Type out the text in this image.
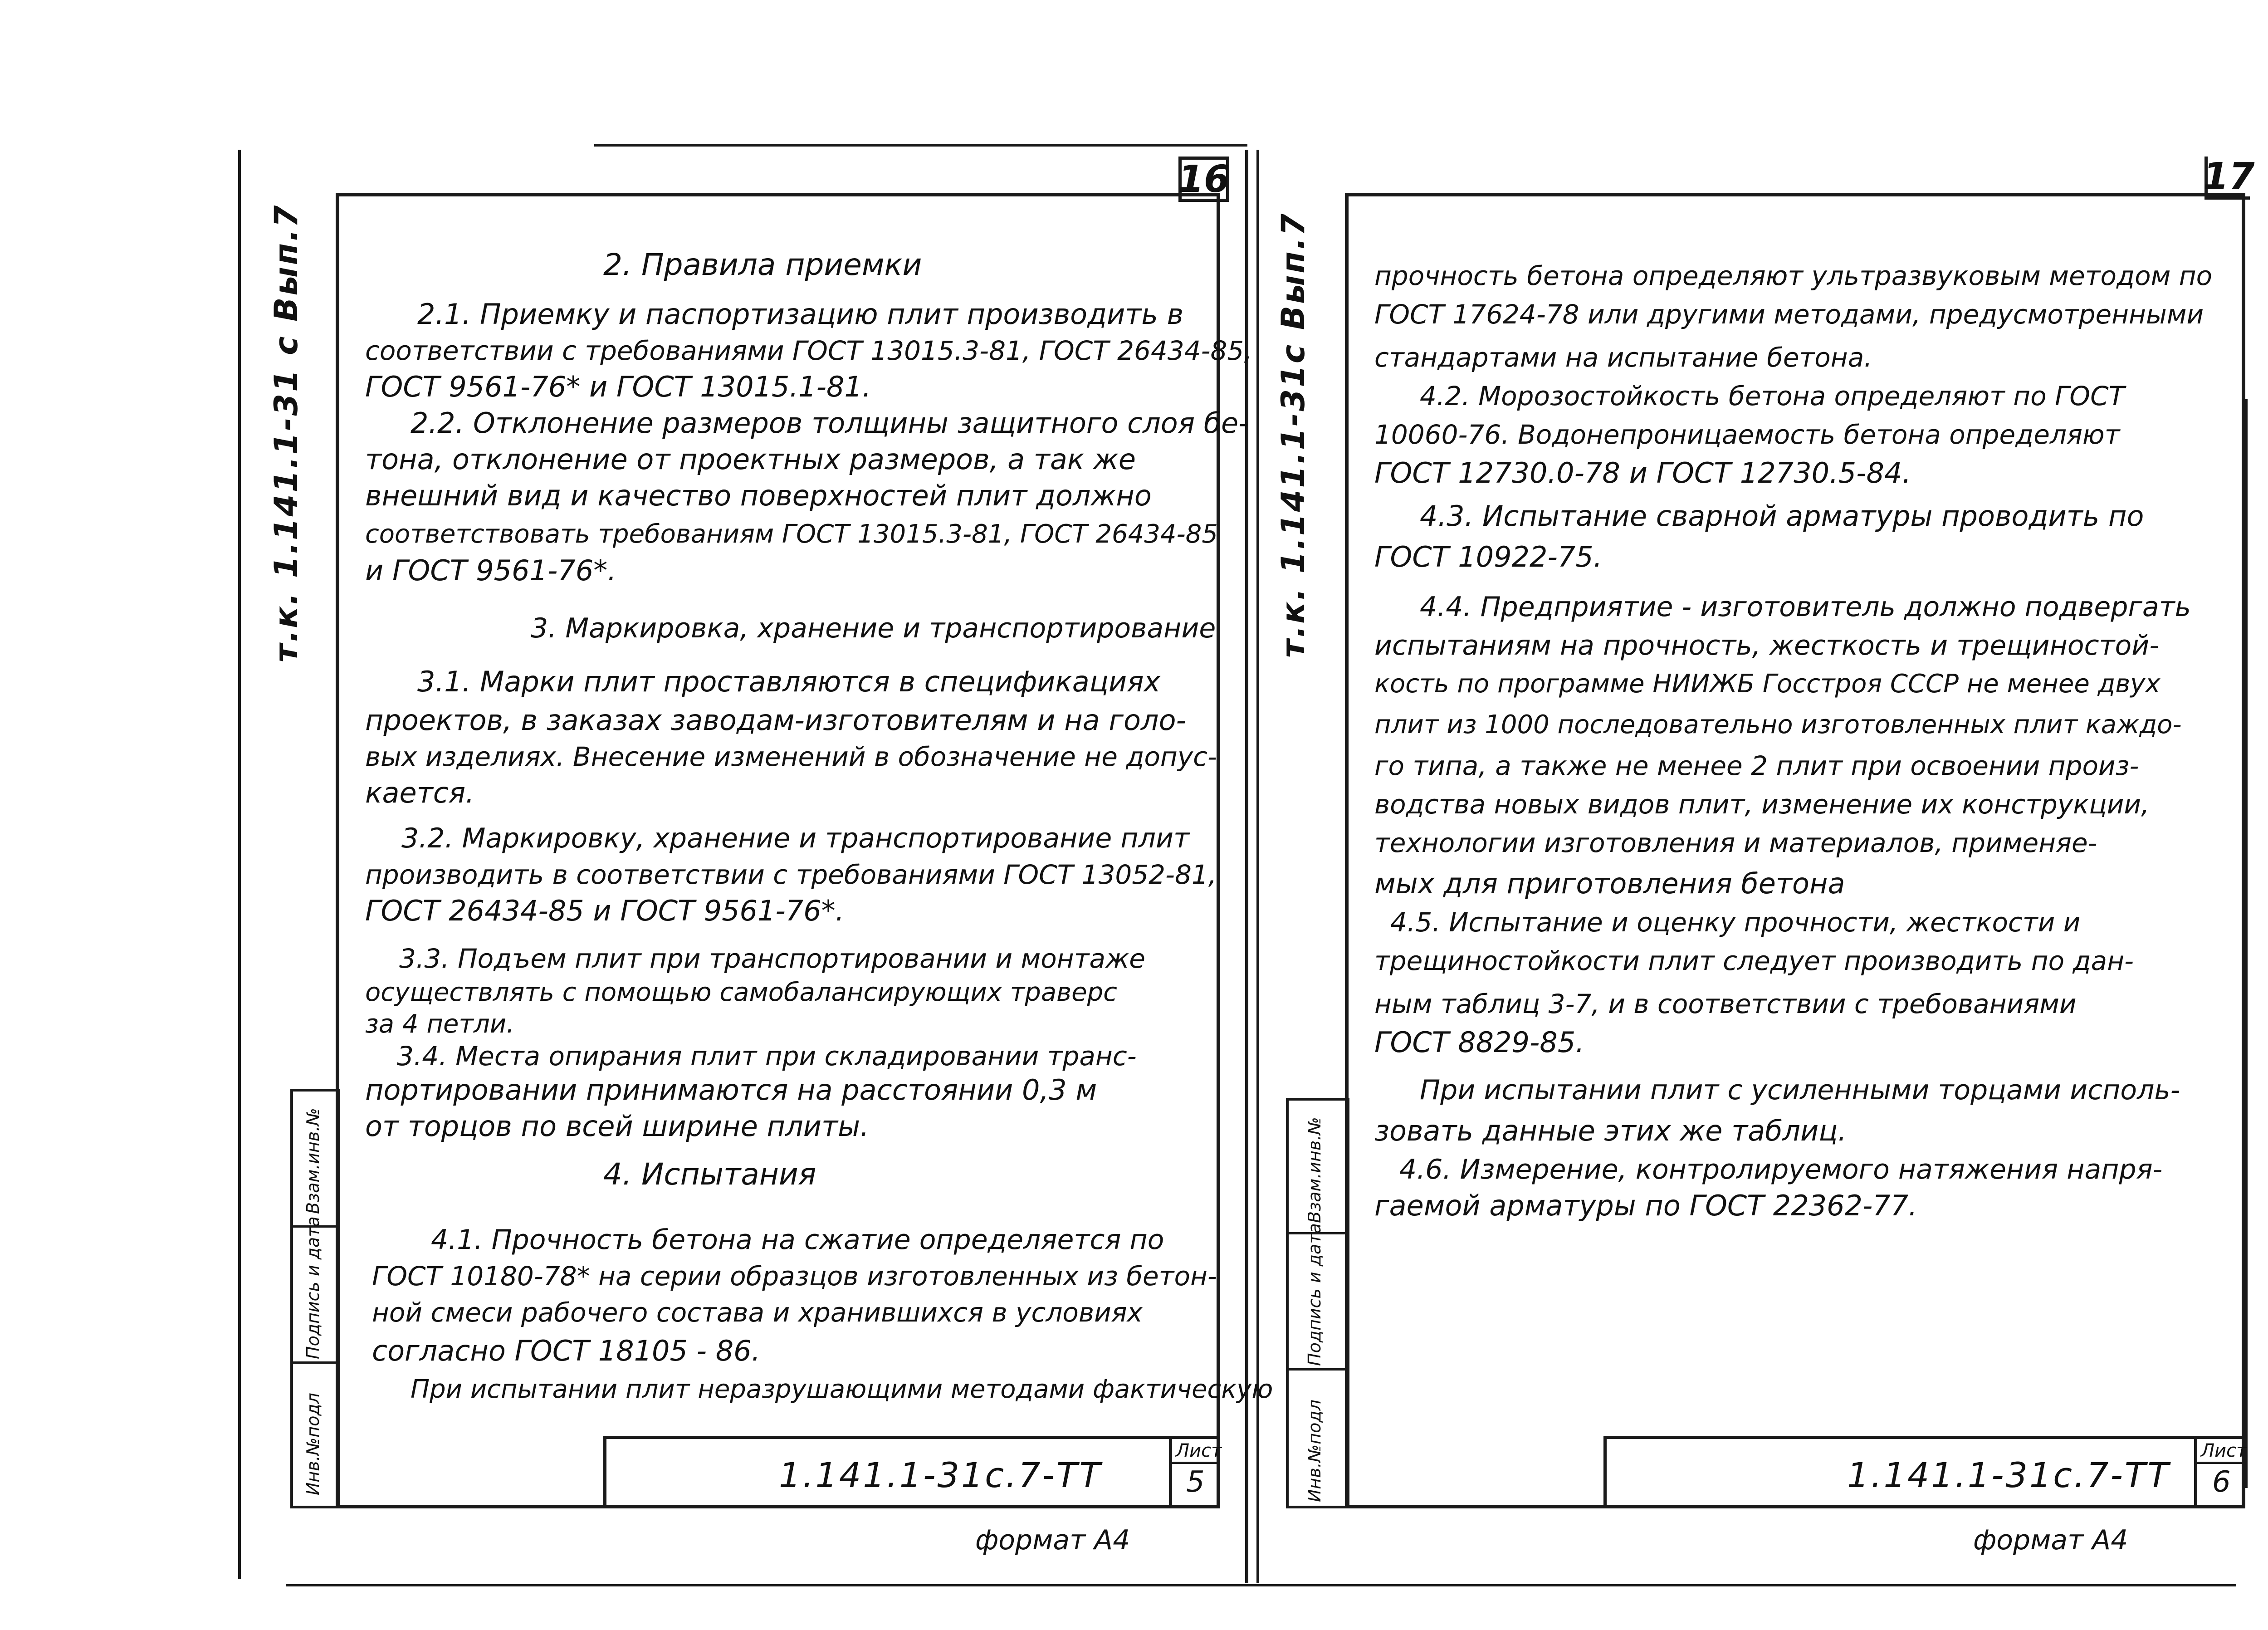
16
т.к. 1.141.1-31 с Вып.7
Взам.инв.№
Подпись и дата
Инв.№подл
2. Правила приемки
2.1. Приемку и паспортизацию плит производить в
соответствии с требованиями ГОСТ 13015.3-81, ГОСТ 26434-85,
ГОСТ 9561-76* и ГОСТ 13015.1-81.
2.2. Отклонение размеров толщины защитного слоя бе-
тона, отклонение от проектных размеров, а так же
внешний вид и качество поверхностей плит должно
соответствовать требованиям ГОСТ 13015.3-81, ГОСТ 26434-85
и ГОСТ 9561-76*.
3. Маркировка, хранение и транспортирование
3.1. Марки плит проставляются в спецификациях
проектов, в заказах заводам-изготовителям и на голо-
вых изделиях. Внесение изменений в обозначение не допус-
кается.
3.2. Маркировку, хранение и транспортирование плит
производить в соответствии с требованиями ГОСТ 13052-81,
ГОСТ 26434-85 и ГОСТ 9561-76*.
3.3. Подъем плит при транспортировании и монтаже
осуществлять с помощью самобалансирующих траверс
за 4 петли.
3.4. Места опирания плит при складировании транс-
портировании принимаются на расстоянии 0,3 м
от торцов по всей ширине плиты.
4. Испытания
4.1. Прочность бетона на сжатие определяется по
ГОСТ 10180-78* на серии образцов изготовленных из бетон-
ной смеси рабочего состава и хранившихся в условиях
согласно ГОСТ 18105 - 86.
При испытании плит неразрушающими методами фактическую
1.141.1-31с.7-ТТ
Лист
5
формат А4
17
т.к. 1.141.1-31с Вып.7
Взам.инв.№
Подпись и дата
Инв.№подл
прочность бетона определяют ультразвуковым методом по
ГОСТ 17624-78 или другими методами, предусмотренными
стандартами на испытание бетона.
4.2. Морозостойкость бетона определяют по ГОСТ
10060-76. Водонепроницаемость бетона определяют
ГОСТ 12730.0-78 и ГОСТ 12730.5-84.
4.3. Испытание сварной арматуры проводить по
ГОСТ 10922-75.
4.4. Предприятие - изготовитель должно подвергать
испытаниям на прочность, жесткость и трещиностой-
кость по программе НИИЖБ Госстроя СССР не менее двух
плит из 1000 последовательно изготовленных плит каждо-
го типа, а также не менее 2 плит при освоении произ-
водства новых видов плит, изменение их конструкции,
технологии изготовления и материалов, применяе-
мых для приготовления бетона
4.5. Испытание и оценку прочности, жесткости и
трещиностойкости плит следует производить по дан-
ным таблиц 3-7, и в соответствии с требованиями
ГОСТ 8829-85.
При испытании плит с усиленными торцами исполь-
зовать данные этих же таблиц.
4.6. Измерение, контролируемого натяжения напря-
гаемой арматуры по ГОСТ 22362-77.
1.141.1-31с.7-ТТ
Лист
6
формат А4
